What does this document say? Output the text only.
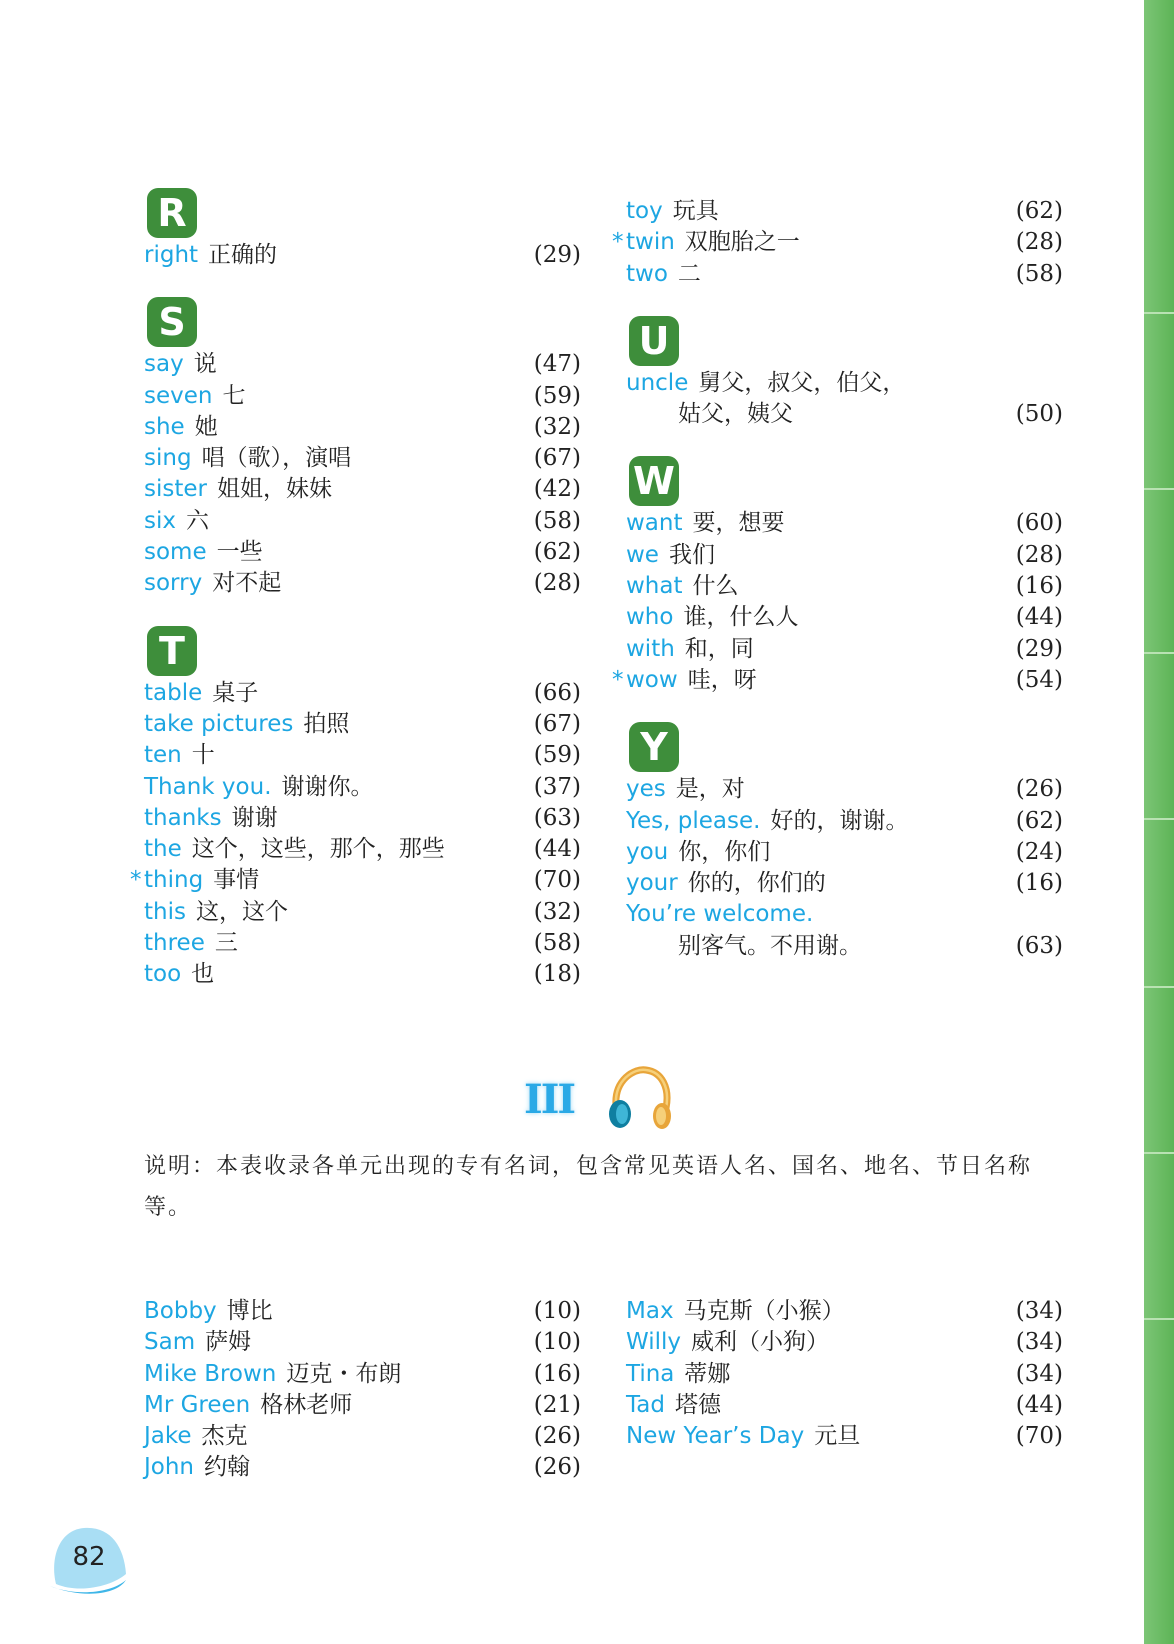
R
right 正确的	(29)
S
say 说	(47)
seven 七	(59)
she 她	(32)
sing 唱（歌），演唱	(67)
sister 姐姐，妹妹	(42)
six 六	(58)
some 一些	(62)
sorry 对不起	(28)
T
table 桌子	(66)
take pictures 拍照	(67)
ten 十	(59)
Thank you. 谢谢你。	(37)
thanks 谢谢	(63)
the 这个，这些，那个，那些	(44)
* thing 事情	(70)
this 这，这个	(32)
three 三	(58)
too 也	(18)
toy 玩具	(62)
* twin 双胞胎之一	(28)
two 二	(58)
U
uncle 舅父，叔父，伯父，
姑父，姨父	(50)
W
want 要，想要	(60)
we 我们	(28)
what 什么	(16)
who 谁，什么人	(44)
with 和，同	(29)
* wow 哇，呀	(54)
Y
yes 是，对	(26)
Yes, please. 好的，谢谢。	(62)
you 你，你们	(24)
your 你的，你们的	(16)
You’re welcome.
别客气。不用谢。	(63)
III
说明：本表收录各单元出现的专有名词，包含常见英语人名、国名、地名、节日名称等。
Bobby 博比	(10)
Sam 萨姆	(10)
Mike Brown 迈克・布朗	(16)
Mr Green 格林老师	(21)
Jake 杰克	(26)
John 约翰	(26)
Max 马克斯（小猴）	(34)
Willy 威利（小狗）	(34)
Tina 蒂娜	(34)
Tad 塔德	(44)
New Year’s Day 元旦	(70)
82
